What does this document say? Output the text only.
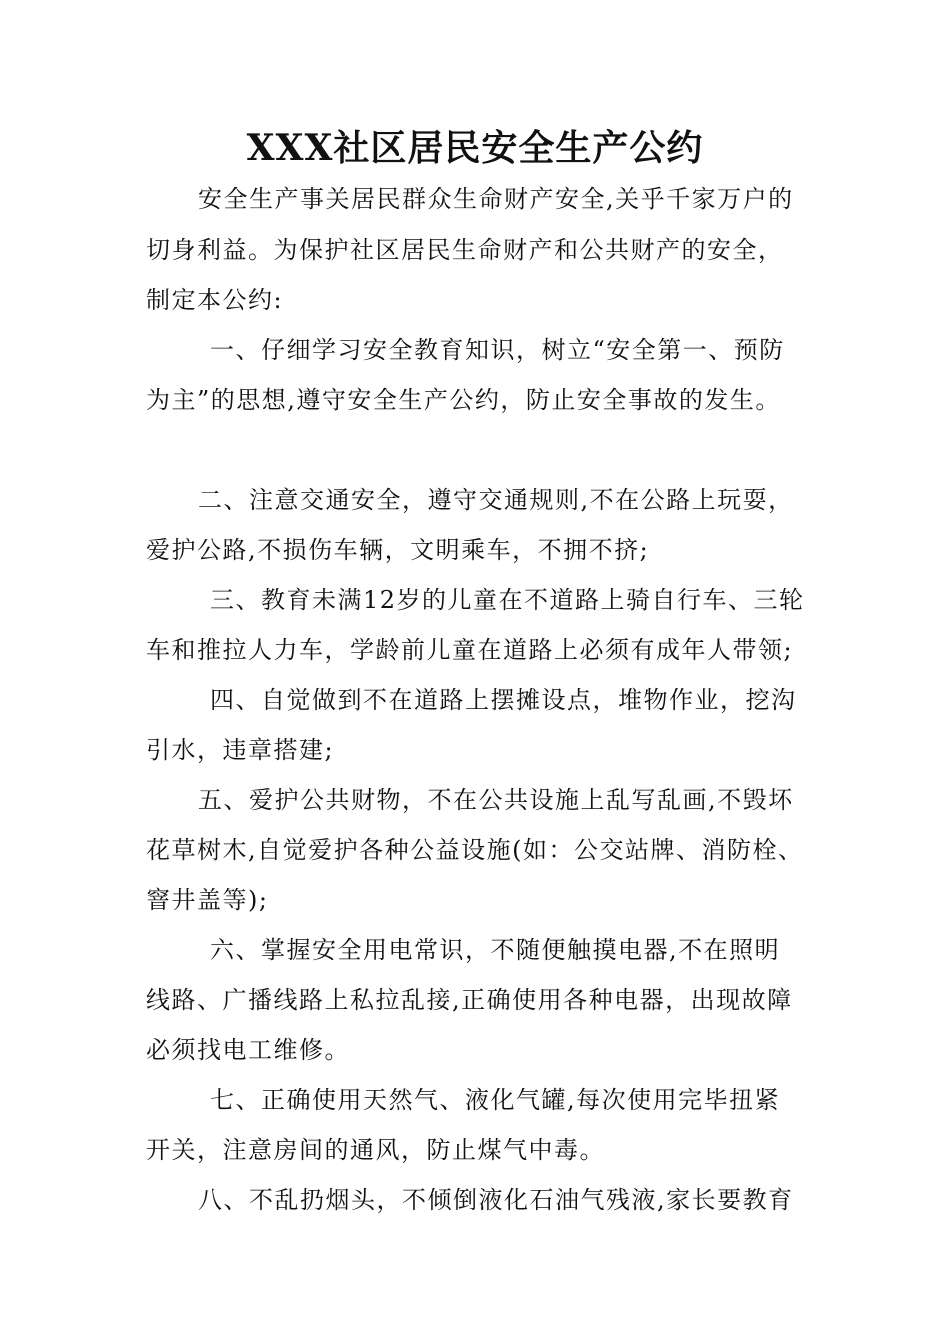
XXX社区居民安全生产公约

安全生产事关居民群众生命财产安全,关乎千家万户的

切身利益。为保护社区居民生命财产和公共财产的安全，

制定本公约:

一、仔细学习安全教育知识，树立“安全第一、预防

为主”的思想,遵守安全生产公约，防止安全事故的发生。

二、注意交通安全，遵守交通规则,不在公路上玩耍，

爱护公路,不损伤车辆，文明乘车，不拥不挤;

三、教育未满12岁的儿童在不道路上骑自行车、三轮

车和推拉人力车，学龄前儿童在道路上必须有成年人带领;

四、自觉做到不在道路上摆摊设点，堆物作业，挖沟

引水，违章搭建;

五、爱护公共财物，不在公共设施上乱写乱画,不毁坏

花草树木,自觉爱护各种公益设施(如：公交站牌、消防栓、

窨井盖等);

六、掌握安全用电常识，不随便触摸电器,不在照明

线路、广播线路上私拉乱接,正确使用各种电器，出现故障

必须找电工维修。

七、正确使用天然气、液化气罐,每次使用完毕扭紧

开关，注意房间的通风，防止煤气中毒。

八、不乱扔烟头，不倾倒液化石油气残液,家长要教育
